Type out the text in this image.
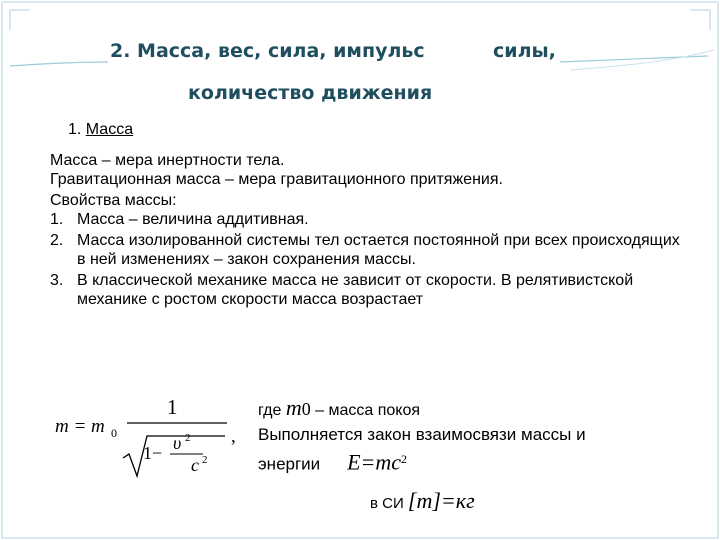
2. Масса, вес, сила, импульс	силы,
количество движения
1. Масса

Масса – мера инертности тела.

Гравитационная масса – мера гравитационного притяжения.

Свойства массы:

1. Масса – величина аддитивная.
2. Масса изолированной системы тел остается постоянной при всех происходящих в ней изменениях – закон сохранения массы.
3. В классической механике масса не зависит от скорости. В релятивистской механике с ростом скорости масса возрастает
m = m 0
1
1− υ 2
c 2
,
где m0 – масса покоя
Выполняется закон взаимосвязи массы и
энергии $E=mc^2$
в СИ [m]=кг
